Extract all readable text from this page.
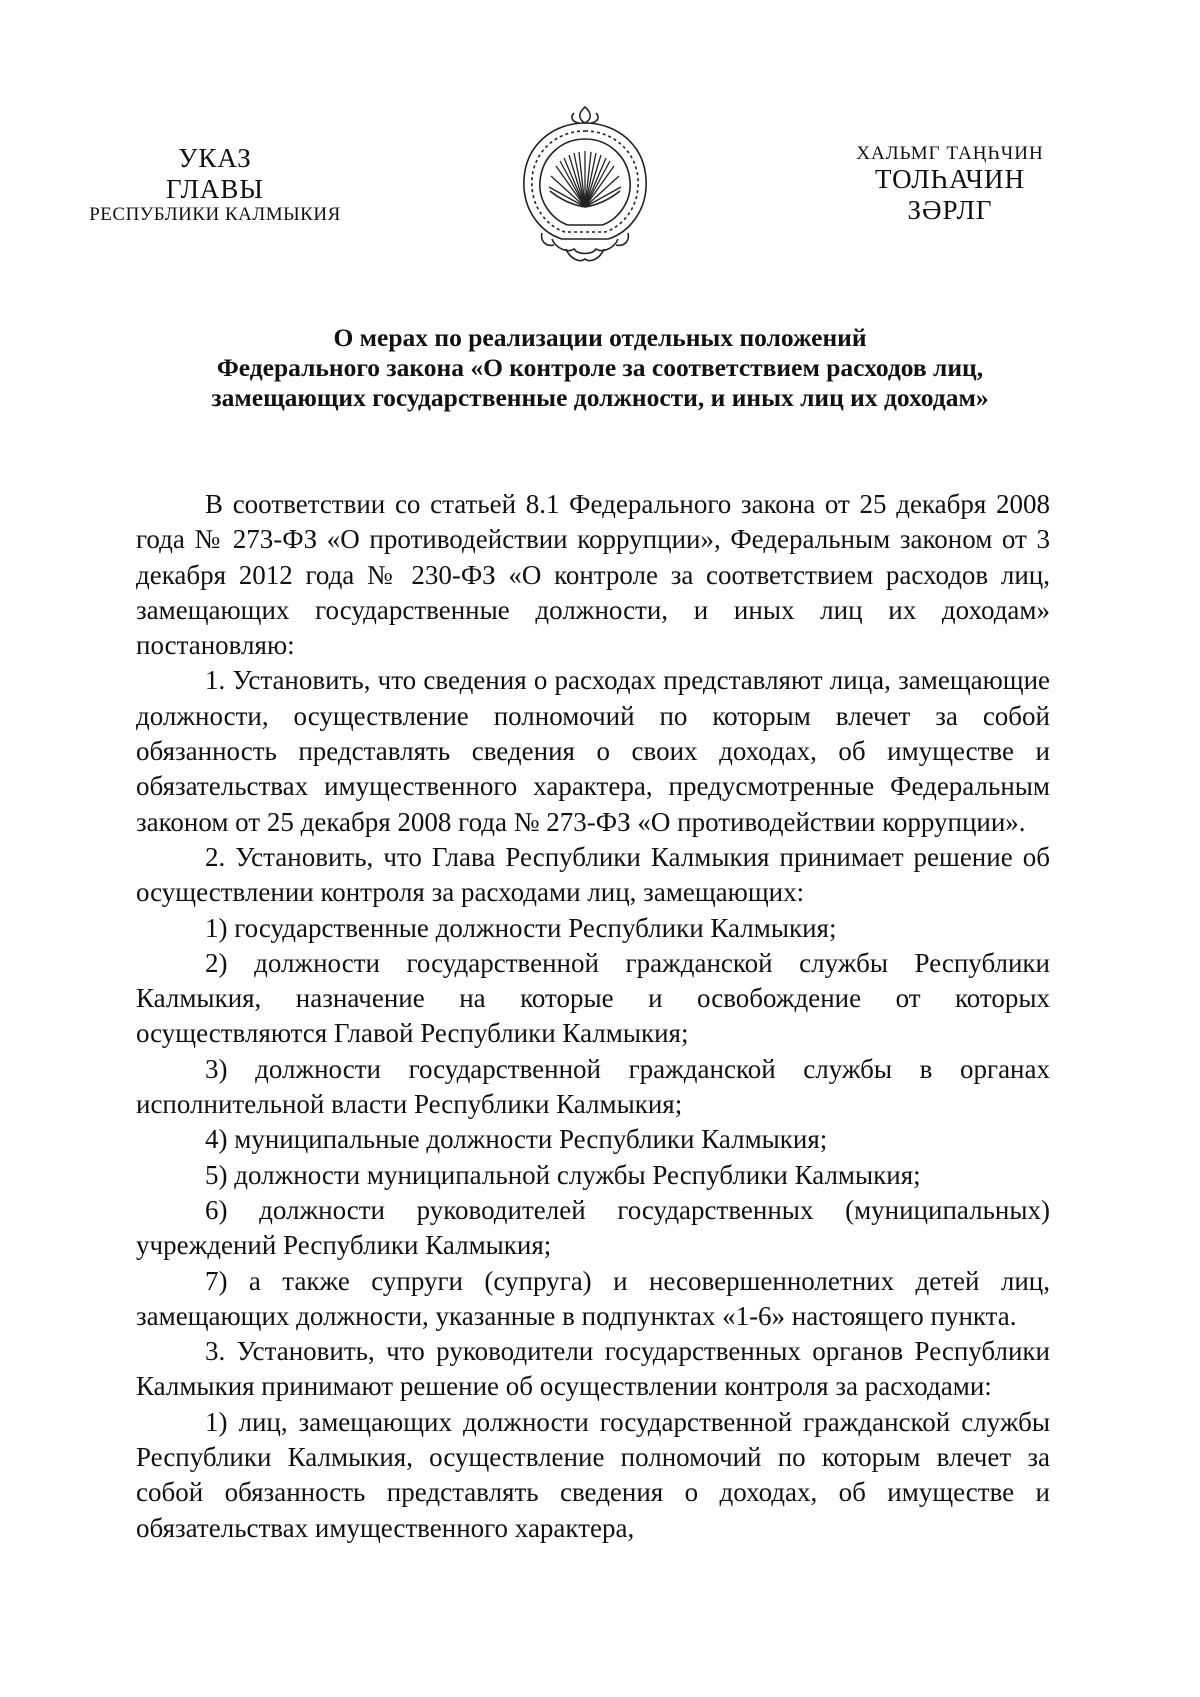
УКАЗ
ГЛАВЫ
РЕСПУБЛИКИ КАЛМЫКИЯ
ХАЛЬМГ ТАҢҺЧИН
ТОЛҺАЧИН
ЗӘРЛГ
О мерах по реализации отдельных положений
Федерального закона «О контроле за соответствием расходов лиц,
замещающих государственные должности, и иных лиц их доходам»

В соответствии со статьей 8.1 Федерального закона от 25 декабря 2008 года № 273-ФЗ «О противодействии коррупции», Федеральным законом от 3 декабря 2012 года № 230-ФЗ «О контроле за соответствием расходов лиц, замещающих государственные должности, и иных лиц их доходам» постановляю:

1. Установить, что сведения о расходах представляют лица, замещающие должности, осуществление полномочий по которым влечет за собой обязанность представлять сведения о своих доходах, об имуществе и обязательствах имущественного характера, предусмотренные Федеральным законом от 25 декабря 2008 года № 273-ФЗ «О противодействии коррупции».

2. Установить, что Глава Республики Калмыкия принимает решение об осуществлении контроля за расходами лиц, замещающих:

1) государственные должности Республики Калмыкия;

2) должности государственной гражданской службы Республики Калмыкия, назначение на которые и освобождение от которых осуществляются Главой Республики Калмыкия;

3) должности государственной гражданской службы в органах исполнительной власти Республики Калмыкия;

4) муниципальные должности Республики Калмыкия;

5) должности муниципальной службы Республики Калмыкия;

6) должности руководителей государственных (муниципальных) учреждений Республики Калмыкия;

7) а также супруги (супруга) и несовершеннолетних детей лиц, замещающих должности, указанные в подпунктах «1-6» настоящего пункта.

3. Установить, что руководители государственных органов Республики Калмыкия принимают решение об осуществлении контроля за расходами:

1) лиц, замещающих должности государственной гражданской службы Республики Калмыкия, осуществление полномочий по которым влечет за собой обязанность представлять сведения о доходах, об имуществе и обязательствах имущественного характера,
